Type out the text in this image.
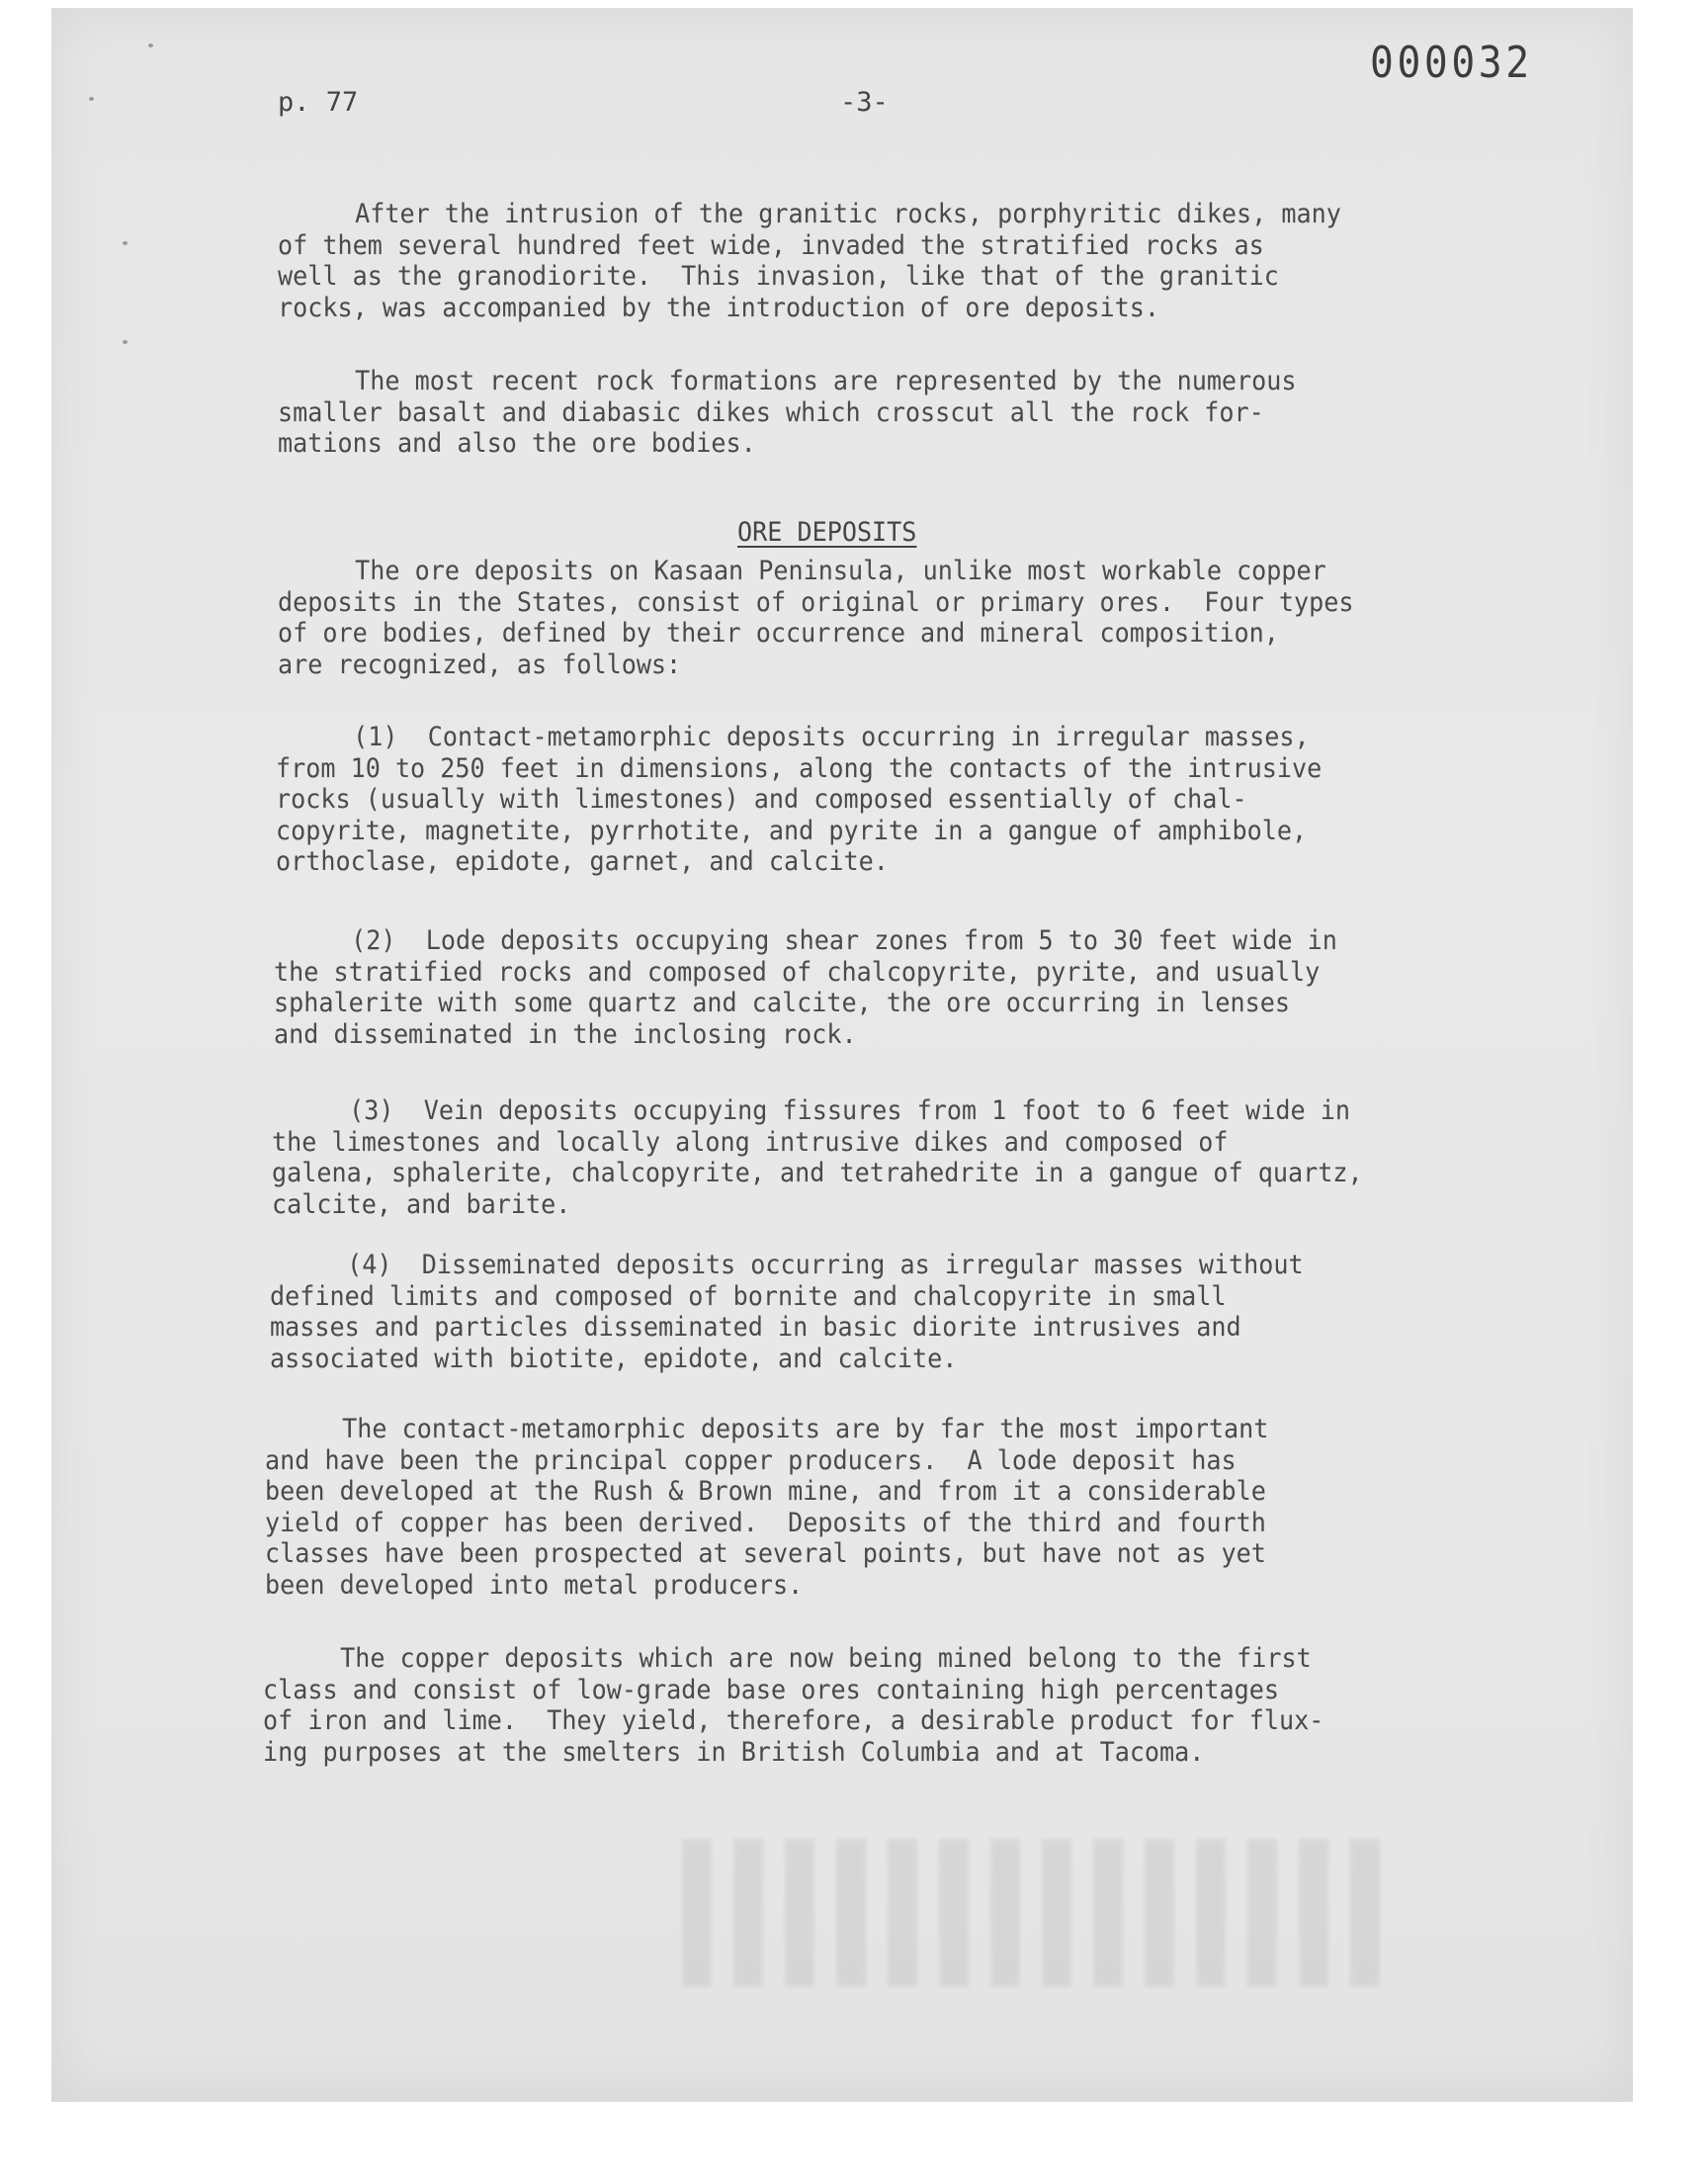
000032
p. 77	-3-

After the intrusion of the granitic rocks, porphyritic dikes, many
of them several hundred feet wide, invaded the stratified rocks as
well as the granodiorite.  This invasion, like that of the granitic
rocks, was accompanied by the introduction of ore deposits.

The most recent rock formations are represented by the numerous
smaller basalt and diabasic dikes which crosscut all the rock for-
mations and also the ore bodies.

ORE DEPOSITS

The ore deposits on Kasaan Peninsula, unlike most workable copper
deposits in the States, consist of original or primary ores.  Four types
of ore bodies, defined by their occurrence and mineral composition,
are recognized, as follows:

(1)  Contact-metamorphic deposits occurring in irregular masses,
from 10 to 250 feet in dimensions, along the contacts of the intrusive
rocks (usually with limestones) and composed essentially of chal-
copyrite, magnetite, pyrrhotite, and pyrite in a gangue of amphibole,
orthoclase, epidote, garnet, and calcite.

(2)  Lode deposits occupying shear zones from 5 to 30 feet wide in
the stratified rocks and composed of chalcopyrite, pyrite, and usually
sphalerite with some quartz and calcite, the ore occurring in lenses
and disseminated in the inclosing rock.

(3)  Vein deposits occupying fissures from 1 foot to 6 feet wide in
the limestones and locally along intrusive dikes and composed of
galena, sphalerite, chalcopyrite, and tetrahedrite in a gangue of quartz,
calcite, and barite.

(4)  Disseminated deposits occurring as irregular masses without
defined limits and composed of bornite and chalcopyrite in small
masses and particles disseminated in basic diorite intrusives and
associated with biotite, epidote, and calcite.

The contact-metamorphic deposits are by far the most important
and have been the principal copper producers.  A lode deposit has
been developed at the Rush & Brown mine, and from it a considerable
yield of copper has been derived.  Deposits of the third and fourth
classes have been prospected at several points, but have not as yet
been developed into metal producers.

The copper deposits which are now being mined belong to the first
class and consist of low-grade base ores containing high percentages
of iron and lime.  They yield, therefore, a desirable product for flux-
ing purposes at the smelters in British Columbia and at Tacoma.
